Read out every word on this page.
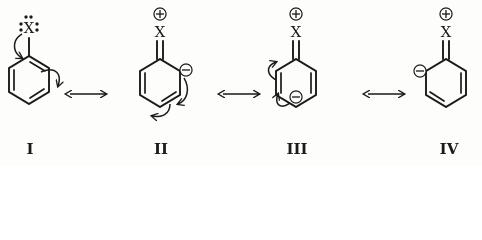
X
I
X
II
X
III
X
IV
